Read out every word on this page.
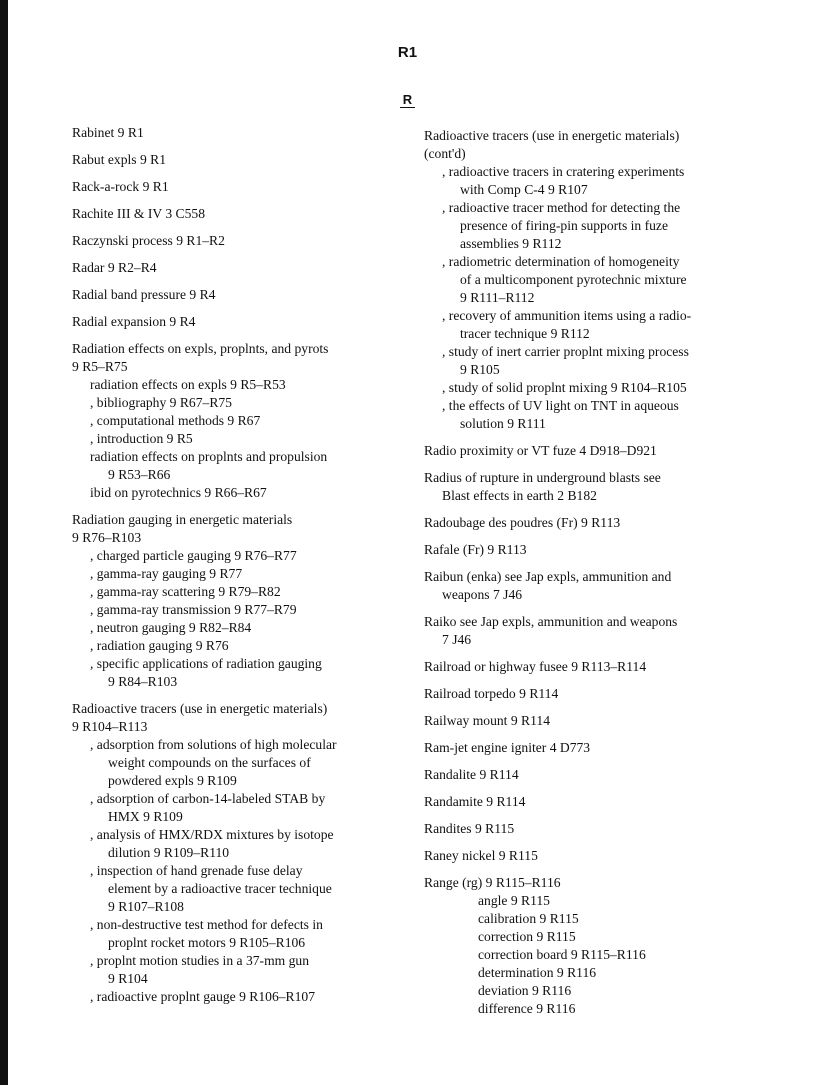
R1
R
Rabinet 9 R1
Rabut expls 9 R1
Rack-a-rock 9 R1
Rachite III & IV 3 C558
Raczynski process 9 R1–R2
Radar 9 R2–R4
Radial band pressure 9 R4
Radial expansion 9 R4
Radiation effects on expls, proplnts, and pyrots
9 R5–R75
radiation effects on expls 9 R5–R53
, bibliography 9 R67–R75
, computational methods 9 R67
, introduction 9 R5
radiation effects on proplnts and propulsion
9 R53–R66
ibid on pyrotechnics 9 R66–R67
Radiation gauging in energetic materials
9 R76–R103
, charged particle gauging 9 R76–R77
, gamma-ray gauging 9 R77
, gamma-ray scattering 9 R79–R82
, gamma-ray transmission 9 R77–R79
, neutron gauging 9 R82–R84
, radiation gauging 9 R76
, specific applications of radiation gauging
9 R84–R103
Radioactive tracers (use in energetic materials)
9 R104–R113
, adsorption from solutions of high molecular
weight compounds on the surfaces of
powdered expls 9 R109
, adsorption of carbon-14-labeled STAB by
HMX 9 R109
, analysis of HMX/RDX mixtures by isotope
dilution 9 R109–R110
, inspection of hand grenade fuse delay
element by a radioactive tracer technique
9 R107–R108
, non-destructive test method for defects in
proplnt rocket motors 9 R105–R106
, proplnt motion studies in a 37-mm gun
9 R104
, radioactive proplnt gauge 9 R106–R107
Radioactive tracers (use in energetic materials)
(cont'd)
, radioactive tracers in cratering experiments
with Comp C-4 9 R107
, radioactive tracer method for detecting the
presence of firing-pin supports in fuze
assemblies 9 R112
, radiometric determination of homogeneity
of a multicomponent pyrotechnic mixture
9 R111–R112
, recovery of ammunition items using a radio-
tracer technique 9 R112
, study of inert carrier proplnt mixing process
9 R105
, study of solid proplnt mixing 9 R104–R105
, the effects of UV light on TNT in aqueous
solution 9 R111
Radio proximity or VT fuze 4 D918–D921
Radius of rupture in underground blasts see
Blast effects in earth 2 B182
Radoubage des poudres (Fr) 9 R113
Rafale (Fr) 9 R113
Raibun (enka) see Jap expls, ammunition and
weapons 7 J46
Raiko see Jap expls, ammunition and weapons
7 J46
Railroad or highway fusee 9 R113–R114
Railroad torpedo 9 R114
Railway mount 9 R114
Ram-jet engine igniter 4 D773
Randalite 9 R114
Randamite 9 R114
Randites 9 R115
Raney nickel 9 R115
Range (rg) 9 R115–R116
angle 9 R115
calibration 9 R115
correction 9 R115
correction board 9 R115–R116
determination 9 R116
deviation 9 R116
difference 9 R116
